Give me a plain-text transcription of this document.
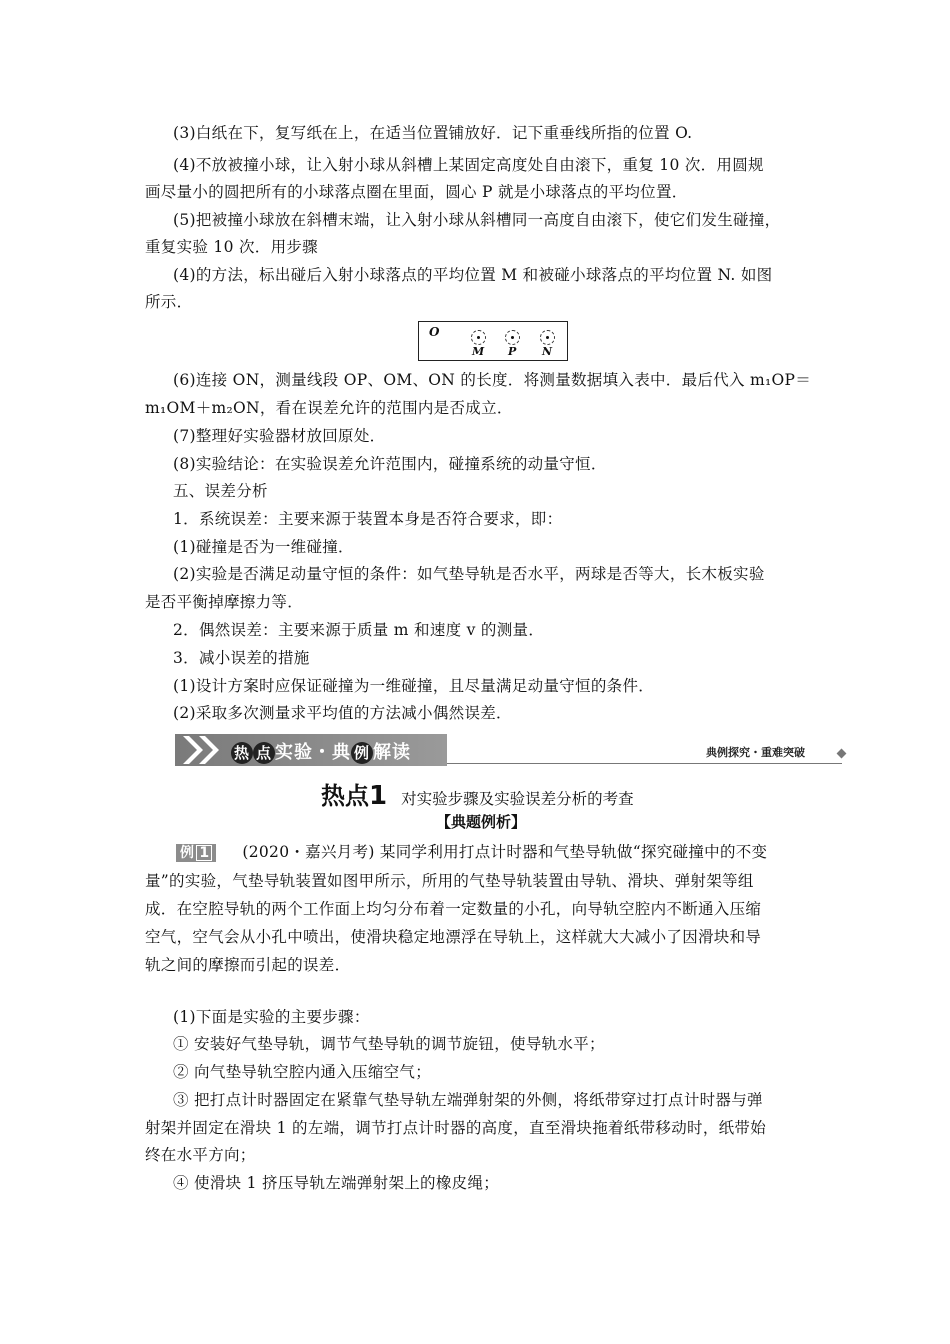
(3)白纸在下，复写纸在上，在适当位置铺放好．记下重垂线所指的位置 O.
(4)不放被撞小球，让入射小球从斜槽上某固定高度处自由滚下，重复 10 次．用圆规
画尽量小的圆把所有的小球落点圈在里面，圆心 P 就是小球落点的平均位置．
(5)把被撞小球放在斜槽末端，让入射小球从斜槽同一高度自由滚下，使它们发生碰撞，
重复实验 10 次．用步骤
(4)的方法，标出碰后入射小球落点的平均位置 M 和被碰小球落点的平均位置 N. 如图
所示．
O
M P N
(6)连接 ON，测量线段 OP、OM、ON 的长度．将测量数据填入表中．最后代入 m₁OP＝
m₁OM＋m₂ON，看在误差允许的范围内是否成立．
(7)整理好实验器材放回原处．
(8)实验结论：在实验误差允许范围内，碰撞系统的动量守恒．
五、误差分析
1．系统误差：主要来源于装置本身是否符合要求，即：
(1)碰撞是否为一维碰撞．
(2)实验是否满足动量守恒的条件：如气垫导轨是否水平，两球是否等大，长木板实验
是否平衡掉摩擦力等．
2．偶然误差：主要来源于质量 m 和速度 v 的测量．
3．减小误差的措施
(1)设计方案时应保证碰撞为一维碰撞，且尽量满足动量守恒的条件．
(2)采取多次测量求平均值的方法减小偶然误差．
热 点 实验・典 例 解读	典例探究・重难突破
热点1 对实验步骤及实验误差分析的考查
【典题例析】
例 1 (2020・嘉兴月考) 某同学利用打点计时器和气垫导轨做“探究碰撞中的不变
量”的实验，气垫导轨装置如图甲所示，所用的气垫导轨装置由导轨、滑块、弹射架等组
成．在空腔导轨的两个工作面上均匀分布着一定数量的小孔，向导轨空腔内不断通入压缩
空气，空气会从小孔中喷出，使滑块稳定地漂浮在导轨上，这样就大大减小了因滑块和导
轨之间的摩擦而引起的误差．
(1)下面是实验的主要步骤：
① 安装好气垫导轨，调节气垫导轨的调节旋钮，使导轨水平；
② 向气垫导轨空腔内通入压缩空气；
③ 把打点计时器固定在紧靠气垫导轨左端弹射架的外侧，将纸带穿过打点计时器与弹
射架并固定在滑块 1 的左端，调节打点计时器的高度，直至滑块拖着纸带移动时，纸带始
终在水平方向；
④ 使滑块 1 挤压导轨左端弹射架上的橡皮绳；
